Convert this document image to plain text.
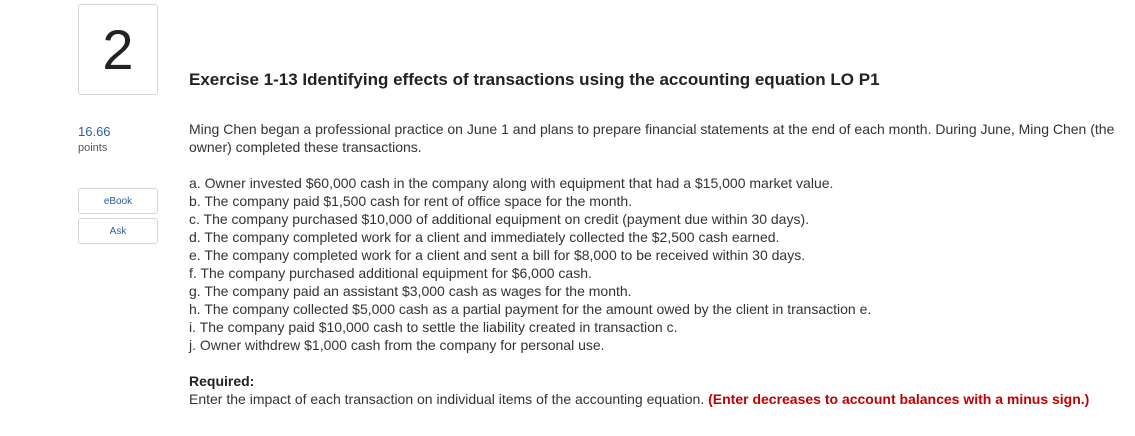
2
16.66
points
eBook
Ask
Exercise 1-13 Identifying effects of transactions using the accounting equation LO P1

Ming Chen began a professional practice on June 1 and plans to prepare financial statements at the end of each month. During June, Ming Chen (the owner) completed these transactions.

a. Owner invested $60,000 cash in the company along with equipment that had a $15,000 market value.
b. The company paid $1,500 cash for rent of office space for the month.
c. The company purchased $10,000 of additional equipment on credit (payment due within 30 days).
d. The company completed work for a client and immediately collected the $2,500 cash earned.
e. The company completed work for a client and sent a bill for $8,000 to be received within 30 days.
f. The company purchased additional equipment for $6,000 cash.
g. The company paid an assistant $3,000 cash as wages for the month.
h. The company collected $5,000 cash as a partial payment for the amount owed by the client in transaction e.
i. The company paid $10,000 cash to settle the liability created in transaction c.
j. Owner withdrew $1,000 cash from the company for personal use.

Required:

Enter the impact of each transaction on individual items of the accounting equation. (Enter decreases to account balances with a minus sign.)
